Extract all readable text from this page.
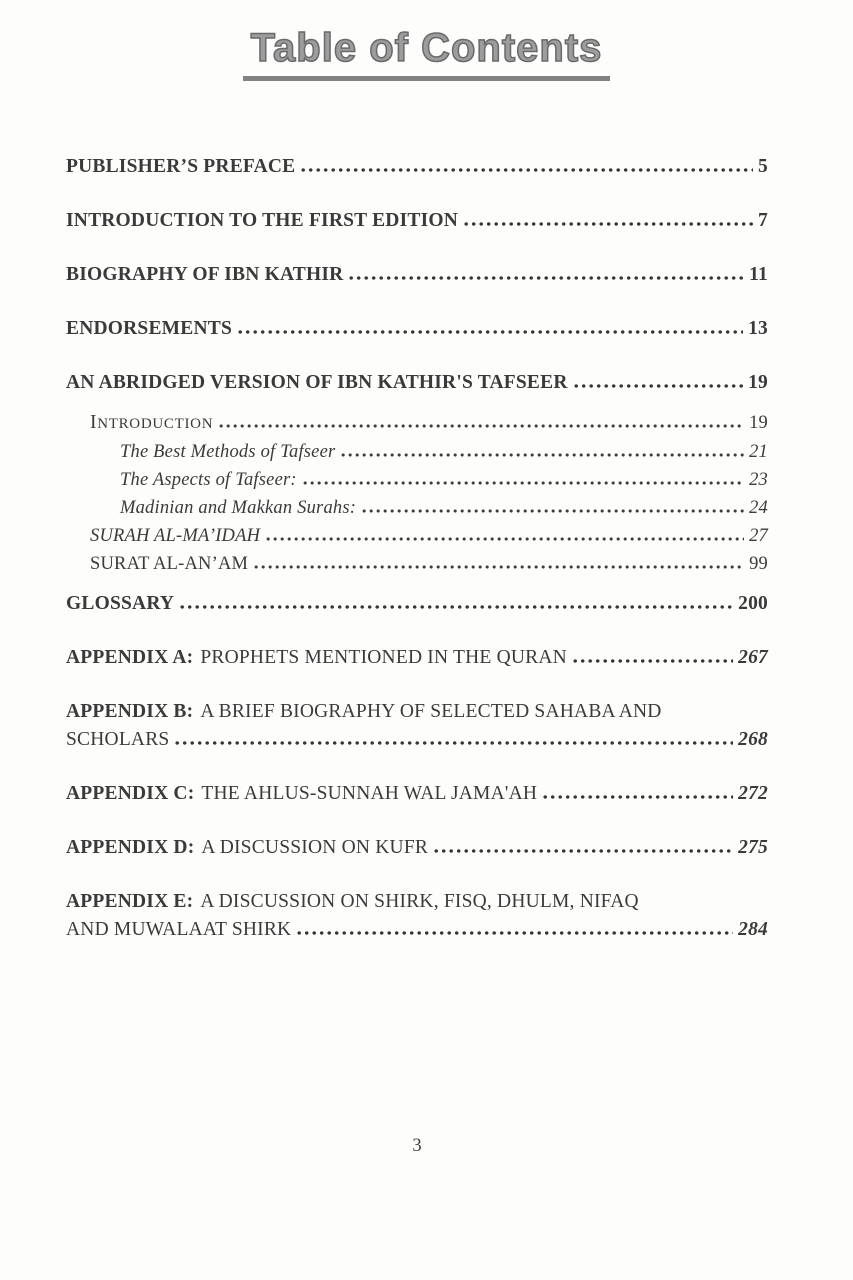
Table of Contents
PUBLISHER’S PREFACE	5
INTRODUCTION TO THE FIRST EDITION	7
BIOGRAPHY OF IBN KATHIR	11
ENDORSEMENTS	13
AN ABRIDGED VERSION OF IBN KATHIR'S TAFSEER	19
INTRODUCTION	19
The Best Methods of Tafseer	21
The Aspects of Tafseer:	23
Madinian and Makkan Surahs:	24
SURAH AL-MA’IDAH	27
SURAT AL-AN’AM	99
GLOSSARY	200
APPENDIX A: PROPHETS MENTIONED IN THE QURAN	267
APPENDIX B: A BRIEF BIOGRAPHY OF SELECTED SAHABA AND
SCHOLARS	268
APPENDIX C: THE AHLUS-SUNNAH WAL JAMA'AH	272
APPENDIX D: A DISCUSSION ON KUFR	275
APPENDIX E: A DISCUSSION ON SHIRK, FISQ, DHULM, NIFAQ
AND MUWALAAT SHIRK	284
3
